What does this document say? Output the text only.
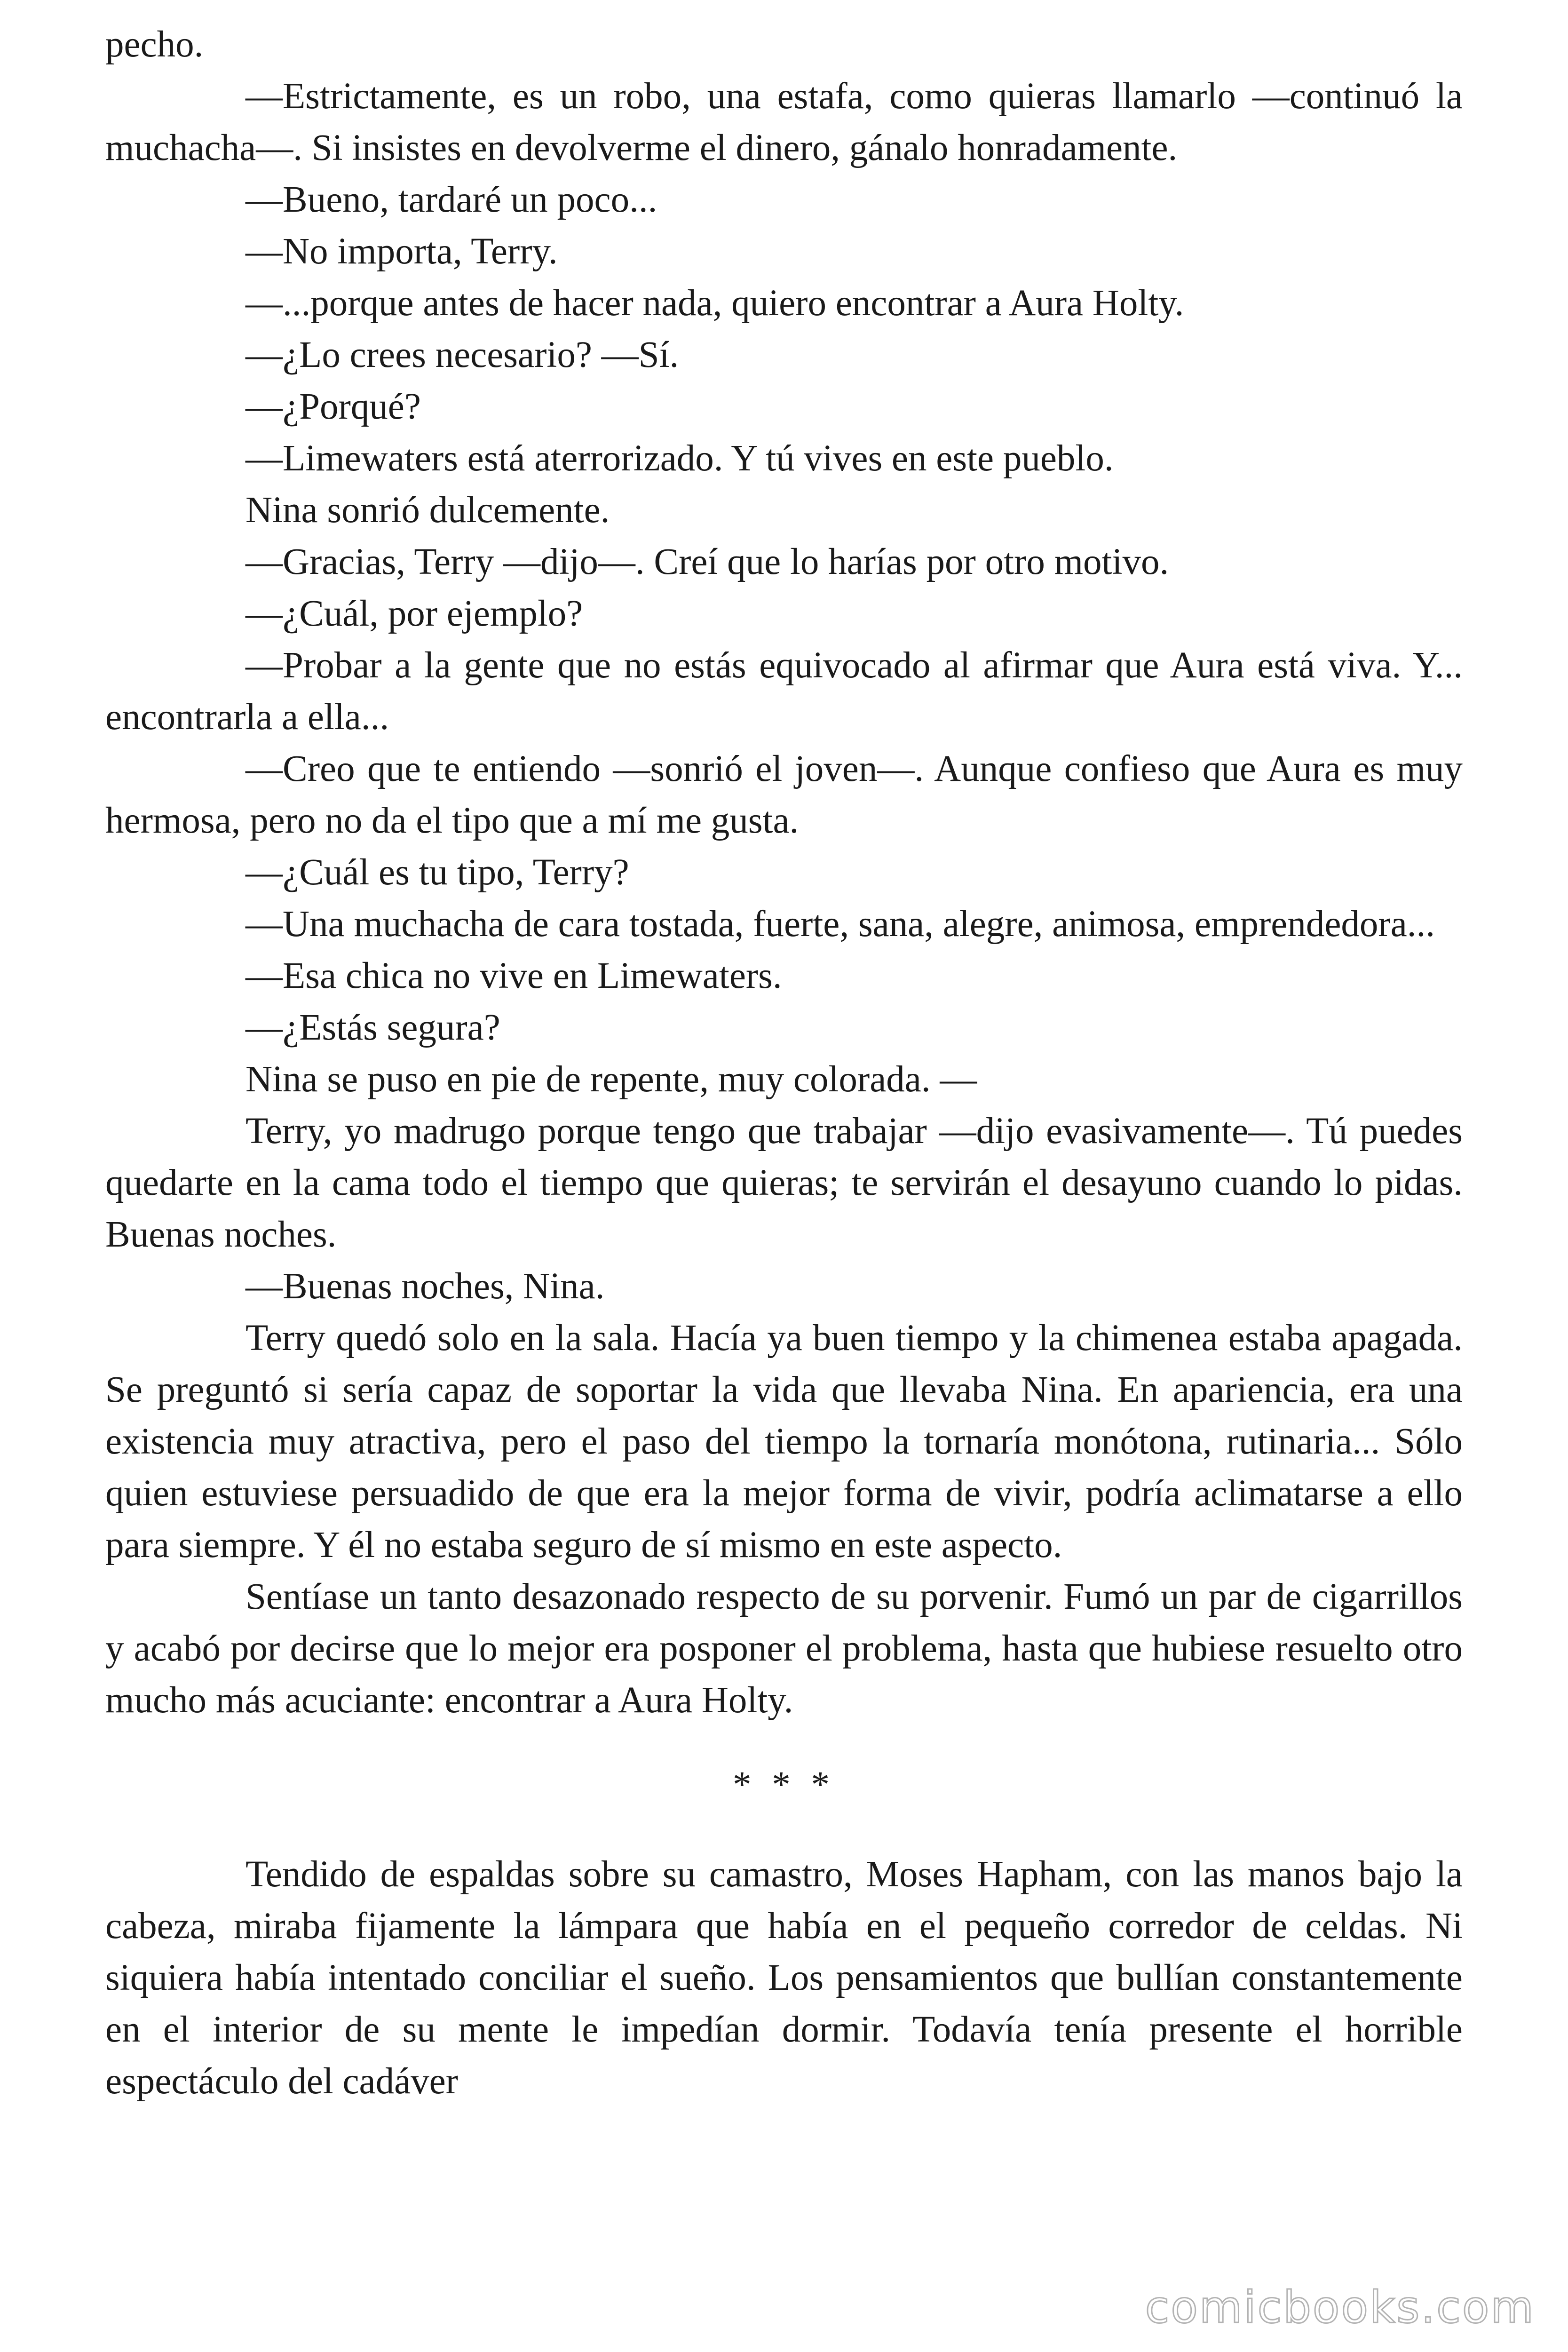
pecho.

—Estrictamente, es un robo, una estafa, como quieras llamarlo —continuó la muchacha—. Si insistes en devolverme el dinero, gánalo honradamente.

—Bueno, tardaré un poco...

—No importa, Terry.

—...porque antes de hacer nada, quiero encontrar a Aura Holty.

—¿Lo crees necesario? —Sí.

—¿Porqué?

—Limewaters está aterrorizado. Y tú vives en este pueblo.

Nina sonrió dulcemente.

—Gracias, Terry —dijo—. Creí que lo harías por otro motivo.

—¿Cuál, por ejemplo?

—Probar a la gente que no estás equivocado al afirmar que Aura está viva. Y... encontrarla a ella...

—Creo que te entiendo —sonrió el joven—. Aunque confieso que Aura es muy hermosa, pero no da el tipo que a mí me gusta.

—¿Cuál es tu tipo, Terry?

—Una muchacha de cara tostada, fuerte, sana, alegre, animosa, emprendedora...

—Esa chica no vive en Limewaters.

—¿Estás segura?

Nina se puso en pie de repente, muy colorada. —

Terry, yo madrugo porque tengo que trabajar —dijo evasivamente—. Tú puedes quedarte en la cama todo el tiempo que quieras; te servirán el desayuno cuando lo pidas. Buenas noches.

—Buenas noches, Nina.

Terry quedó solo en la sala. Hacía ya buen tiempo y la chimenea estaba apagada. Se preguntó si sería capaz de soportar la vida que llevaba Nina. En apariencia, era una existencia muy atractiva, pero el paso del tiempo la tornaría monótona, rutinaria... Sólo quien estuviese persuadido de que era la mejor forma de vivir, podría aclimatarse a ello para siempre. Y él no estaba seguro de sí mismo en este aspecto.

Sentíase un tanto desazonado respecto de su porvenir. Fumó un par de cigarrillos y acabó por decirse que lo mejor era posponer el problema, hasta que hubiese resuelto otro mucho más acuciante: encontrar a Aura Holty.

* * *

Tendido de espaldas sobre su camastro, Moses Hapham, con las manos bajo la cabeza, miraba fijamente la lámpara que había en el pequeño corredor de celdas. Ni siquiera había intentado conciliar el sueño. Los pensamientos que bullían constantemente en el interior de su mente le impedían dormir. Todavía tenía presente el horrible espectáculo del cadáver

comicbooks.com
